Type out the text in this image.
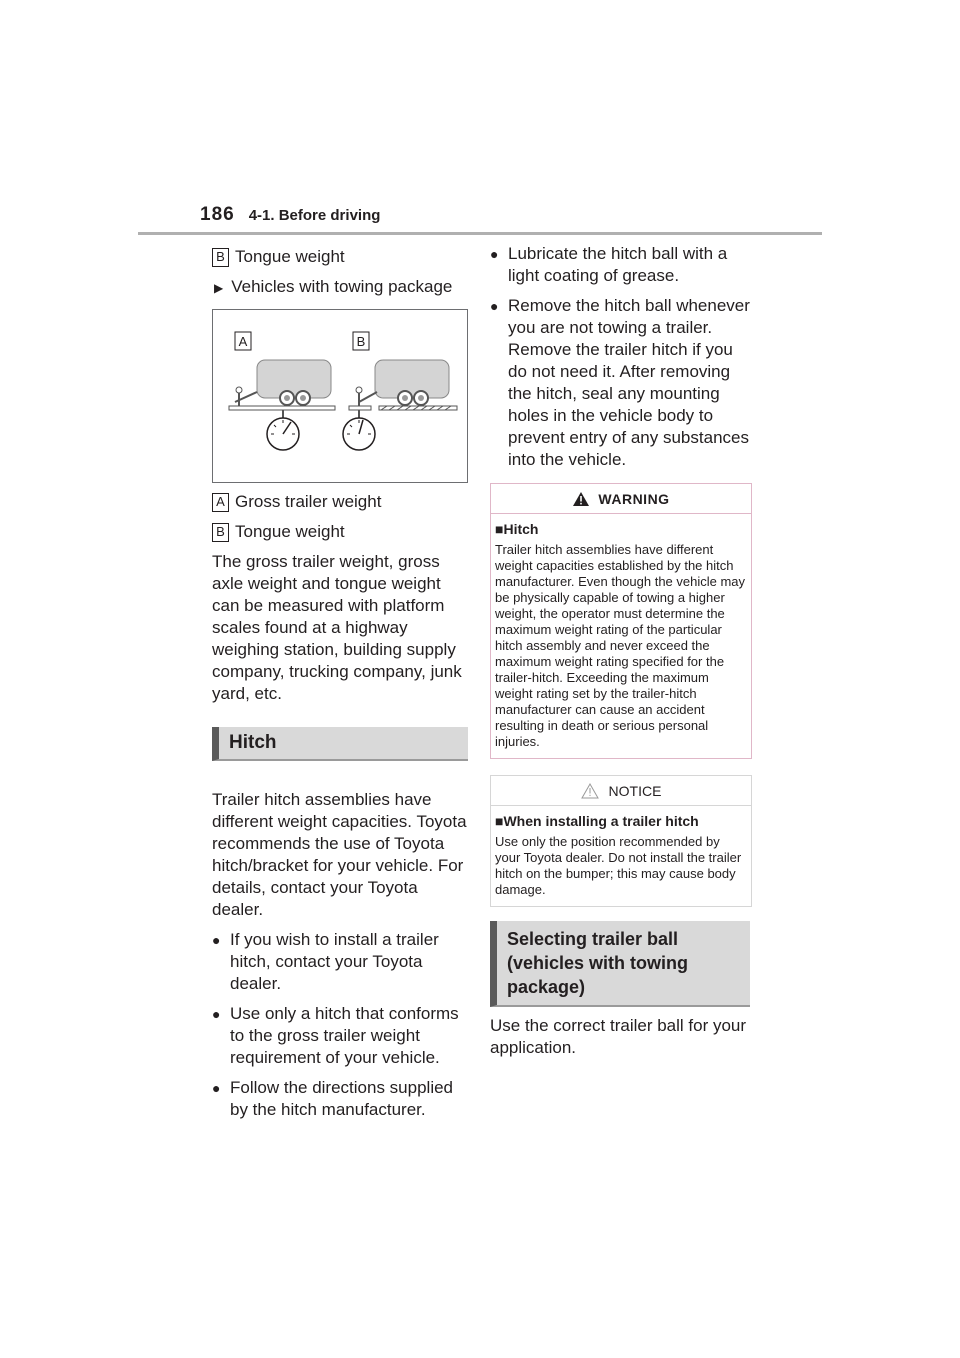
186 4-1. Before driving
B Tongue weight
▶ Vehicles with towing package
A	B
A Gross trailer weight
B Tongue weight

The gross trailer weight, gross axle weight and tongue weight can be measured with platform scales found at a highway weighing station, building supply company, trucking company, junk yard, etc.

Hitch

Trailer hitch assemblies have different weight capacities. Toyota recommends the use of Toyota hitch/bracket for your vehicle. For details, contact your Toyota dealer.

● If you wish to install a trailer hitch, contact your Toyota dealer.
● Use only a hitch that conforms to the gross trailer weight requirement of your vehicle.
● Follow the directions supplied by the hitch manufacturer.
● Lubricate the hitch ball with a light coating of grease.
● Remove the hitch ball whenever you are not towing a trailer. Remove the trailer hitch if you do not need it. After removing the hitch, seal any mounting holes in the vehicle body to prevent entry of any substances into the vehicle.
WARNING
■Hitch

Trailer hitch assemblies have different weight capacities established by the hitch manufacturer. Even though the vehicle may be physically capable of towing a higher weight, the operator must determine the maximum weight rating of the particular hitch assembly and never exceed the maximum weight rating specified for the trailer-hitch. Exceeding the maximum weight rating set by the trailer-hitch manufacturer can cause an accident resulting in death or serious personal injuries.

NOTICE
■When installing a trailer hitch

Use only the position recommended by your Toyota dealer. Do not install the trailer hitch on the bumper; this may cause body damage.

Selecting trailer ball (vehicles with towing package)

Use the correct trailer ball for your application.
